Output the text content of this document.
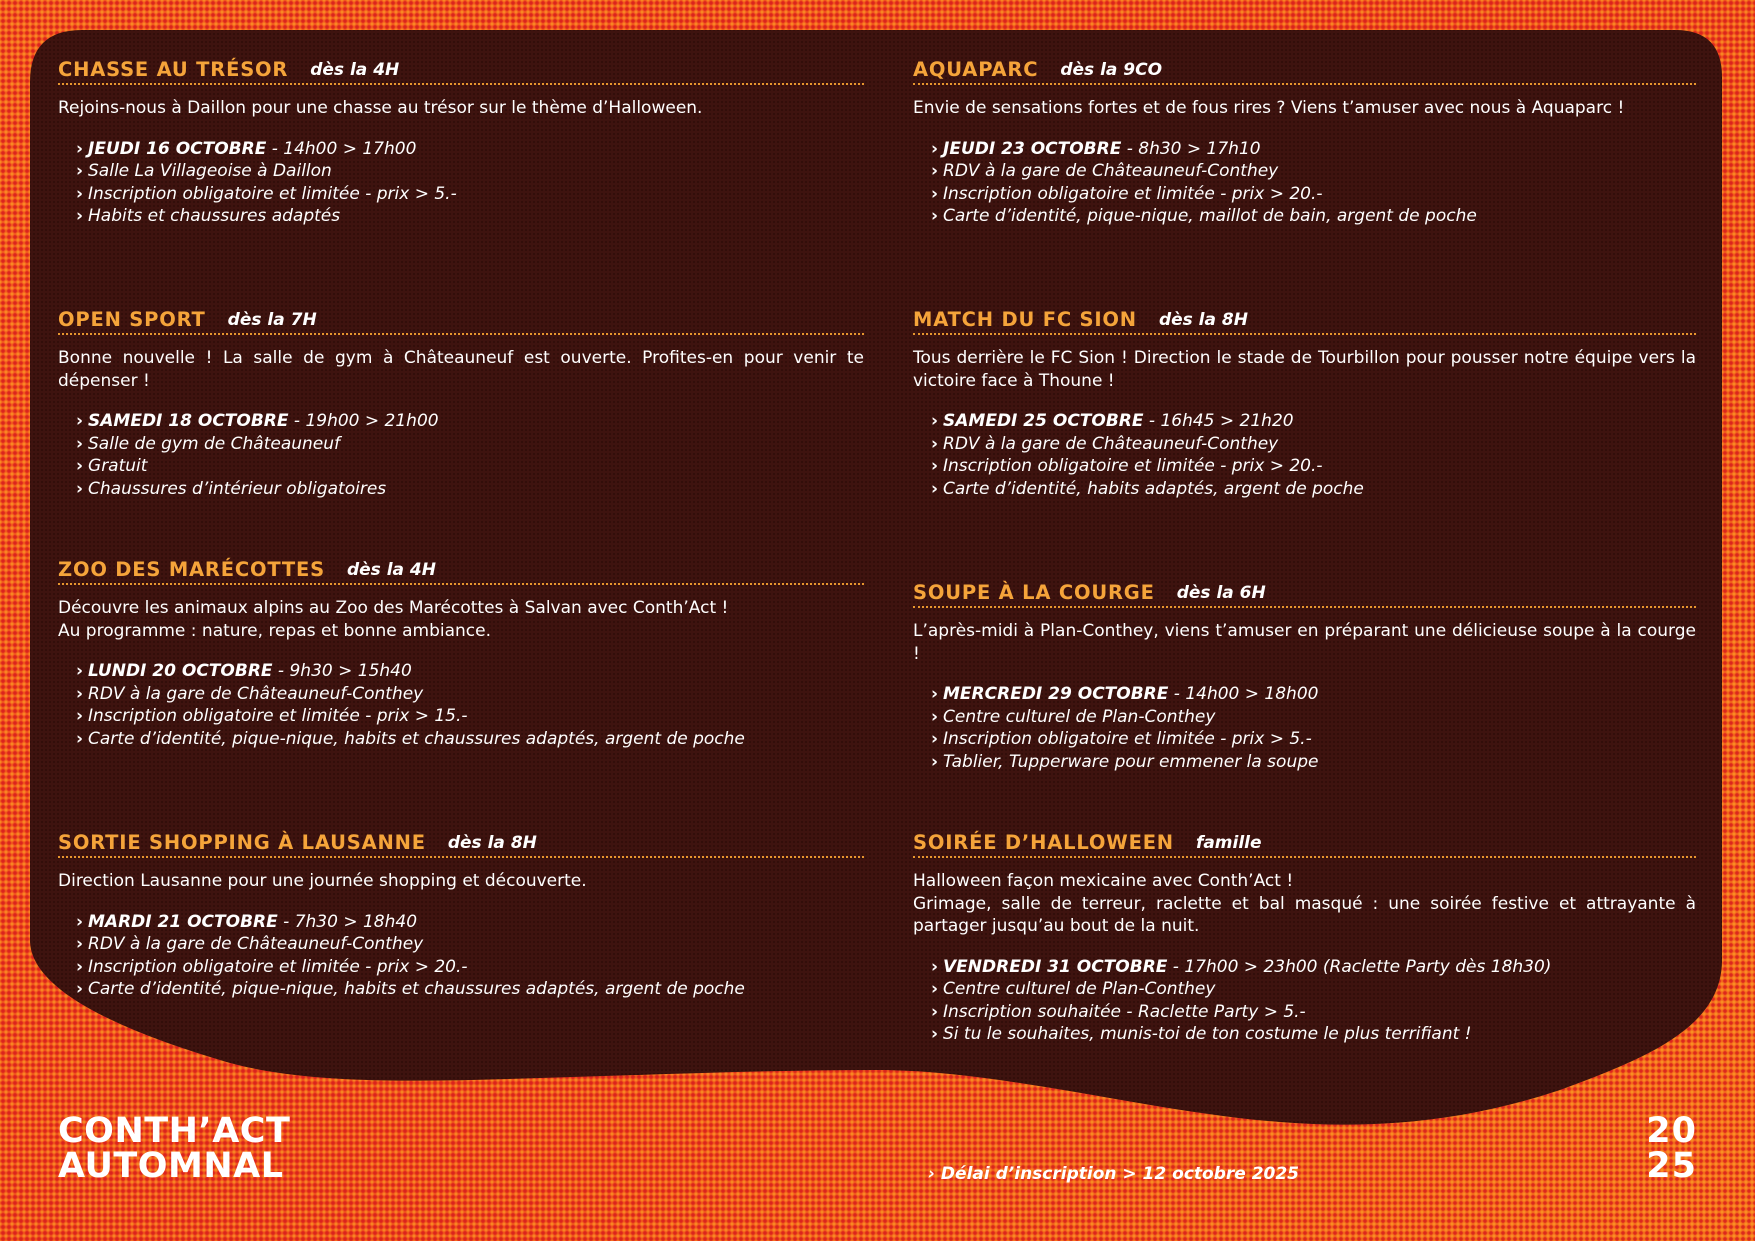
CHASSE AU TRÉSOR dès la 4H
Rejoins-nous à Daillon pour une chasse au trésor sur le thème d’Halloween.
› JEUDI 16 OCTOBRE - 14h00 > 17h00
› Salle La Villageoise à Daillon
› Inscription obligatoire et limitée - prix > 5.-
› Habits et chaussures adaptés
OPEN SPORT dès la 7H
Bonne nouvelle ! La salle de gym à Châteauneuf est ouverte. Profites-en pour venir te dépenser !
› SAMEDI 18 OCTOBRE - 19h00 > 21h00
› Salle de gym de Châteauneuf
› Gratuit
› Chaussures d’intérieur obligatoires
ZOO DES MARÉCOTTES dès la 4H
Découvre les animaux alpins au Zoo des Marécottes à Salvan avec Conth’Act !
Au programme : nature, repas et bonne ambiance.
› LUNDI 20 OCTOBRE - 9h30 > 15h40
› RDV à la gare de Châteauneuf-Conthey
› Inscription obligatoire et limitée - prix > 15.-
› Carte d’identité, pique-nique, habits et chaussures adaptés, argent de poche
SORTIE SHOPPING À LAUSANNE dès la 8H
Direction Lausanne pour une journée shopping et découverte.
› MARDI 21 OCTOBRE - 7h30 > 18h40
› RDV à la gare de Châteauneuf-Conthey
› Inscription obligatoire et limitée - prix > 20.-
› Carte d’identité, pique-nique, habits et chaussures adaptés, argent de poche
AQUAPARC dès la 9CO
Envie de sensations fortes et de fous rires ? Viens t’amuser avec nous à Aquaparc !
› JEUDI 23 OCTOBRE - 8h30 > 17h10
› RDV à la gare de Châteauneuf-Conthey
› Inscription obligatoire et limitée - prix > 20.-
› Carte d’identité, pique-nique, maillot de bain, argent de poche
MATCH DU FC SION dès la 8H
Tous derrière le FC Sion ! Direction le stade de Tourbillon pour pousser notre équipe vers la victoire face à Thoune !
› SAMEDI 25 OCTOBRE - 16h45 > 21h20
› RDV à la gare de Châteauneuf-Conthey
› Inscription obligatoire et limitée - prix > 20.-
› Carte d’identité, habits adaptés, argent de poche
SOUPE À LA COURGE dès la 6H
L’après-midi à Plan-Conthey, viens t’amuser en préparant une délicieuse soupe à la courge !
› MERCREDI 29 OCTOBRE - 14h00 > 18h00
› Centre culturel de Plan-Conthey
› Inscription obligatoire et limitée - prix > 5.-
› Tablier, Tupperware pour emmener la soupe
SOIRÉE D’HALLOWEEN famille
Halloween façon mexicaine avec Conth’Act !
Grimage, salle de terreur, raclette et bal masqué : une soirée festive et attrayante à partager jusqu’au bout de la nuit.
› VENDREDI 31 OCTOBRE - 17h00 > 23h00 (Raclette Party dès 18h30)
› Centre culturel de Plan-Conthey
› Inscription souhaitée - Raclette Party > 5.-
› Si tu le souhaites, munis-toi de ton costume le plus terrifiant !
CONTH’ACT
AUTOMNAL	› Délai d’inscription > 12 octobre 2025
20
25
